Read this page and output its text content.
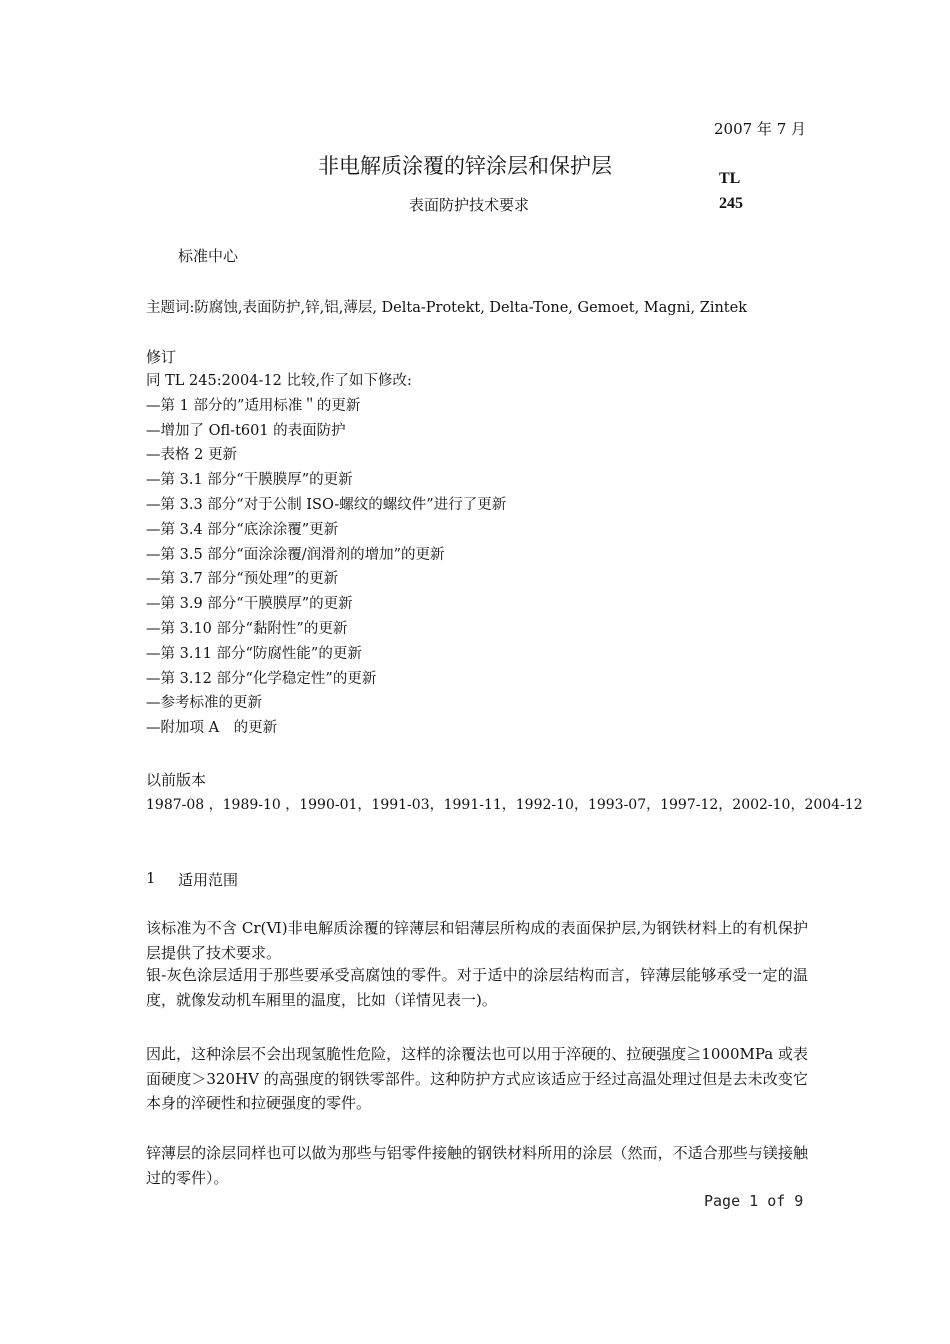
2007 年 7 月
非电解质涂覆的锌涂层和保护层
TL
245
表面防护技术要求
标准中心
主题词:防腐蚀,表面防护,锌,铝,薄层, Delta-Protekt, Delta-Tone, Gemoet, Magni, Zintek
修订
同 TL 245:2004-12 比较,作了如下修改:
—第 1 部分的”适用标准＂的更新
—增加了 Ofl-t601 的表面防护
—表格 2 更新
—第 3.1 部分“干膜膜厚”的更新
—第 3.3 部分“对于公制 ISO-螺纹的螺纹件”进行了更新
—第 3.4 部分“底涂涂覆”更新
—第 3.5 部分“面涂涂覆/润滑剂的增加”的更新
—第 3.7 部分“预处理”的更新
—第 3.9 部分“干膜膜厚”的更新
—第 3.10 部分“黏附性”的更新
—第 3.11 部分“防腐性能”的更新
—第 3.12 部分“化学稳定性”的更新
—参考标准的更新
—附加项 A　的更新
以前版本
1987-08 ，1989-10 ，1990-01，1991-03，1991-11，1992-10，1993-07，1997-12，2002-10，2004-12
1 适用范围

该标准为不含 Cr(Ⅵ)非电解质涂覆的锌薄层和铝薄层所构成的表面保护层,为钢铁材料上的有机保护层提供了技术要求。

银-灰色涂层适用于那些要承受高腐蚀的零件。对于适中的涂层结构而言，锌薄层能够承受一定的温度，就像发动机车厢里的温度，比如（详情见表一)。

因此，这种涂层不会出现氢脆性危险，这样的涂覆法也可以用于淬硬的、拉硬强度≧1000MPa 或表面硬度＞320HV 的高强度的钢铁零部件。这种防护方式应该适应于经过高温处理过但是去未改变它本身的淬硬性和拉硬强度的零件。

锌薄层的涂层同样也可以做为那些与铝零件接触的钢铁材料所用的涂层（然而，不适合那些与镁接触过的零件）。

Page 1 of 9
